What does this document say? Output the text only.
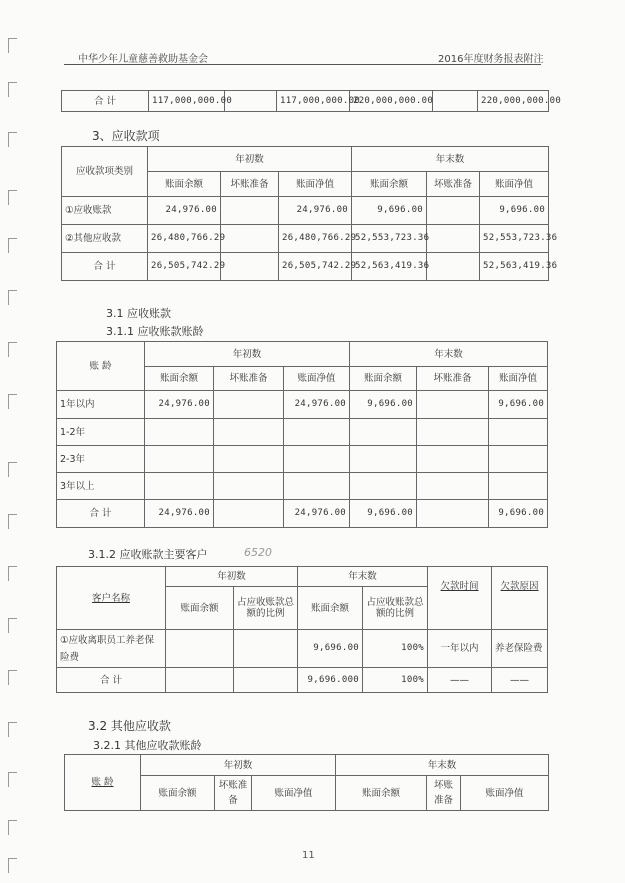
中华少年儿童慈善救助基金会	2016年度财务报表附注
合 计	117,000,000.00		117,000,000.00	220,000,000.00		220,000,000.00
3、应收款项
应收款项类别	年初数			年末数		
	账面余额	坏账准备	账面净值	账面余额	坏账准备	账面净值
①应收账款	24,976.00		24,976.00	9,696.00		9,696.00
②其他应收款	26,480,766.29		26,480,766.29	52,553,723.36		52,553,723.36
合 计	26,505,742.29		26,505,742.29	52,563,419.36		52,563,419.36
3.1 应收账款
3.1.1 应收账款账龄
账 龄	年初数			年末数		
	账面余额	坏账准备	账面净值	账面余额	坏账准备	账面净值
1年以内	24,976.00		24,976.00	9,696.00		9,696.00
1-2年						
2-3年						
3年以上						
合 计	24,976.00		24,976.00	9,696.00		9,696.00
3.1.2 应收账款主要客户	6520
客户名称	年初数		年末数		欠款时间	欠款原因
	账面余额	占应收账款总额的比例	账面余额	占应收账款总额的比例		
①应收离职员工养老保险费			9,696.00	100%	一年以内	养老保险费
合 计			9,696.000	100%	——	——
3.2 其他应收款
3.2.1 其他应收款账龄
账 龄	年初数			年末数		
	账面余额	坏账准备	账面净值	账面余额	坏账准备	账面净值
11
